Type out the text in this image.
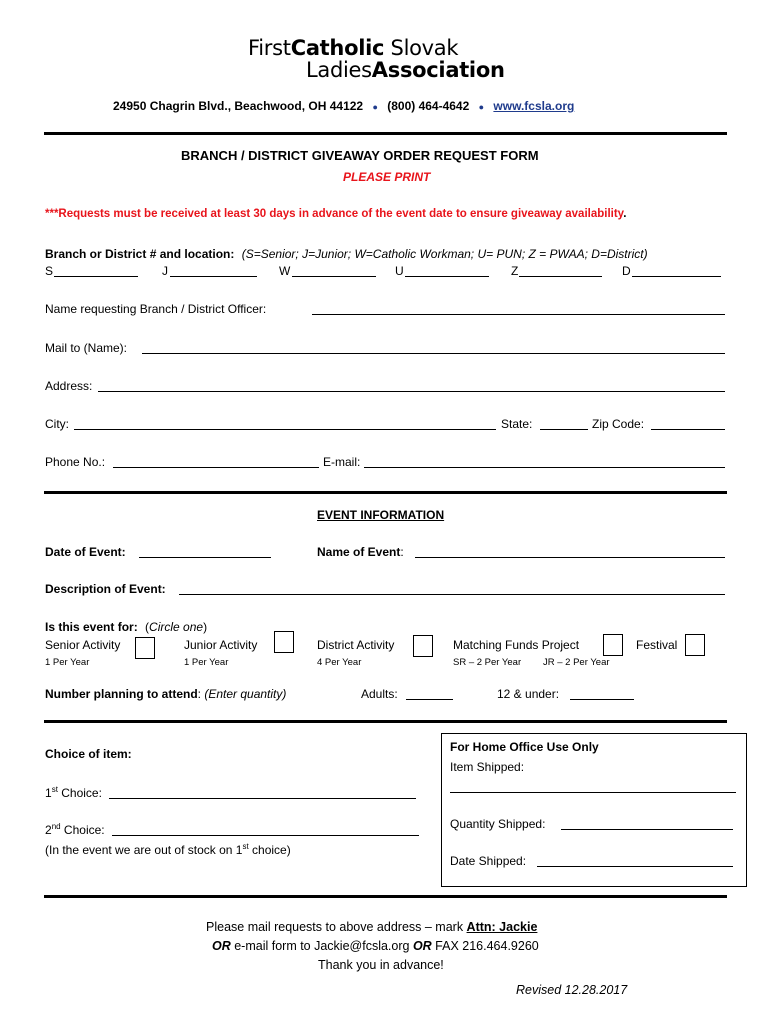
FirstCatholic Slovak
LadiesAssociation
24950 Chagrin Blvd., Beachwood, OH 44122 ● (800) 464-4642 ● www.fcsla.org
BRANCH / DISTRICT GIVEAWAY ORDER REQUEST FORM
PLEASE PRINT
***Requests must be received at least 30 days in advance of the event date to ensure giveaway availability.
Branch or District # and location: (S=Senior; J=Junior; W=Catholic Workman; U= PUN; Z = PWAA; D=District)
S	J	W	U	Z	D
Name requesting Branch / District Officer:
Mail to (Name):
Address:
City:	State:	Zip Code:
Phone No.:	E-mail:
EVENT INFORMATION
Date of Event:	Name of Event:
Description of Event:
Is this event for: (Circle one)
Senior Activity
1 Per Year
Junior Activity
1 Per Year
District Activity
4 Per Year
Matching Funds Project
SR – 2 Per Year
Festival
JR – 2 Per Year
Number planning to attend: (Enter quantity)	Adults:	12 & under:
Choice of item:
1st Choice:
2nd Choice:
(In the event we are out of stock on 1st choice)
For Home Office Use Only
Item Shipped:
Quantity Shipped:
Date Shipped:
Please mail requests to above address – mark Attn: Jackie
OR e-mail form to Jackie@fcsla.org OR FAX 216.464.9260
Thank you in advance!
Revised 12.28.2017
